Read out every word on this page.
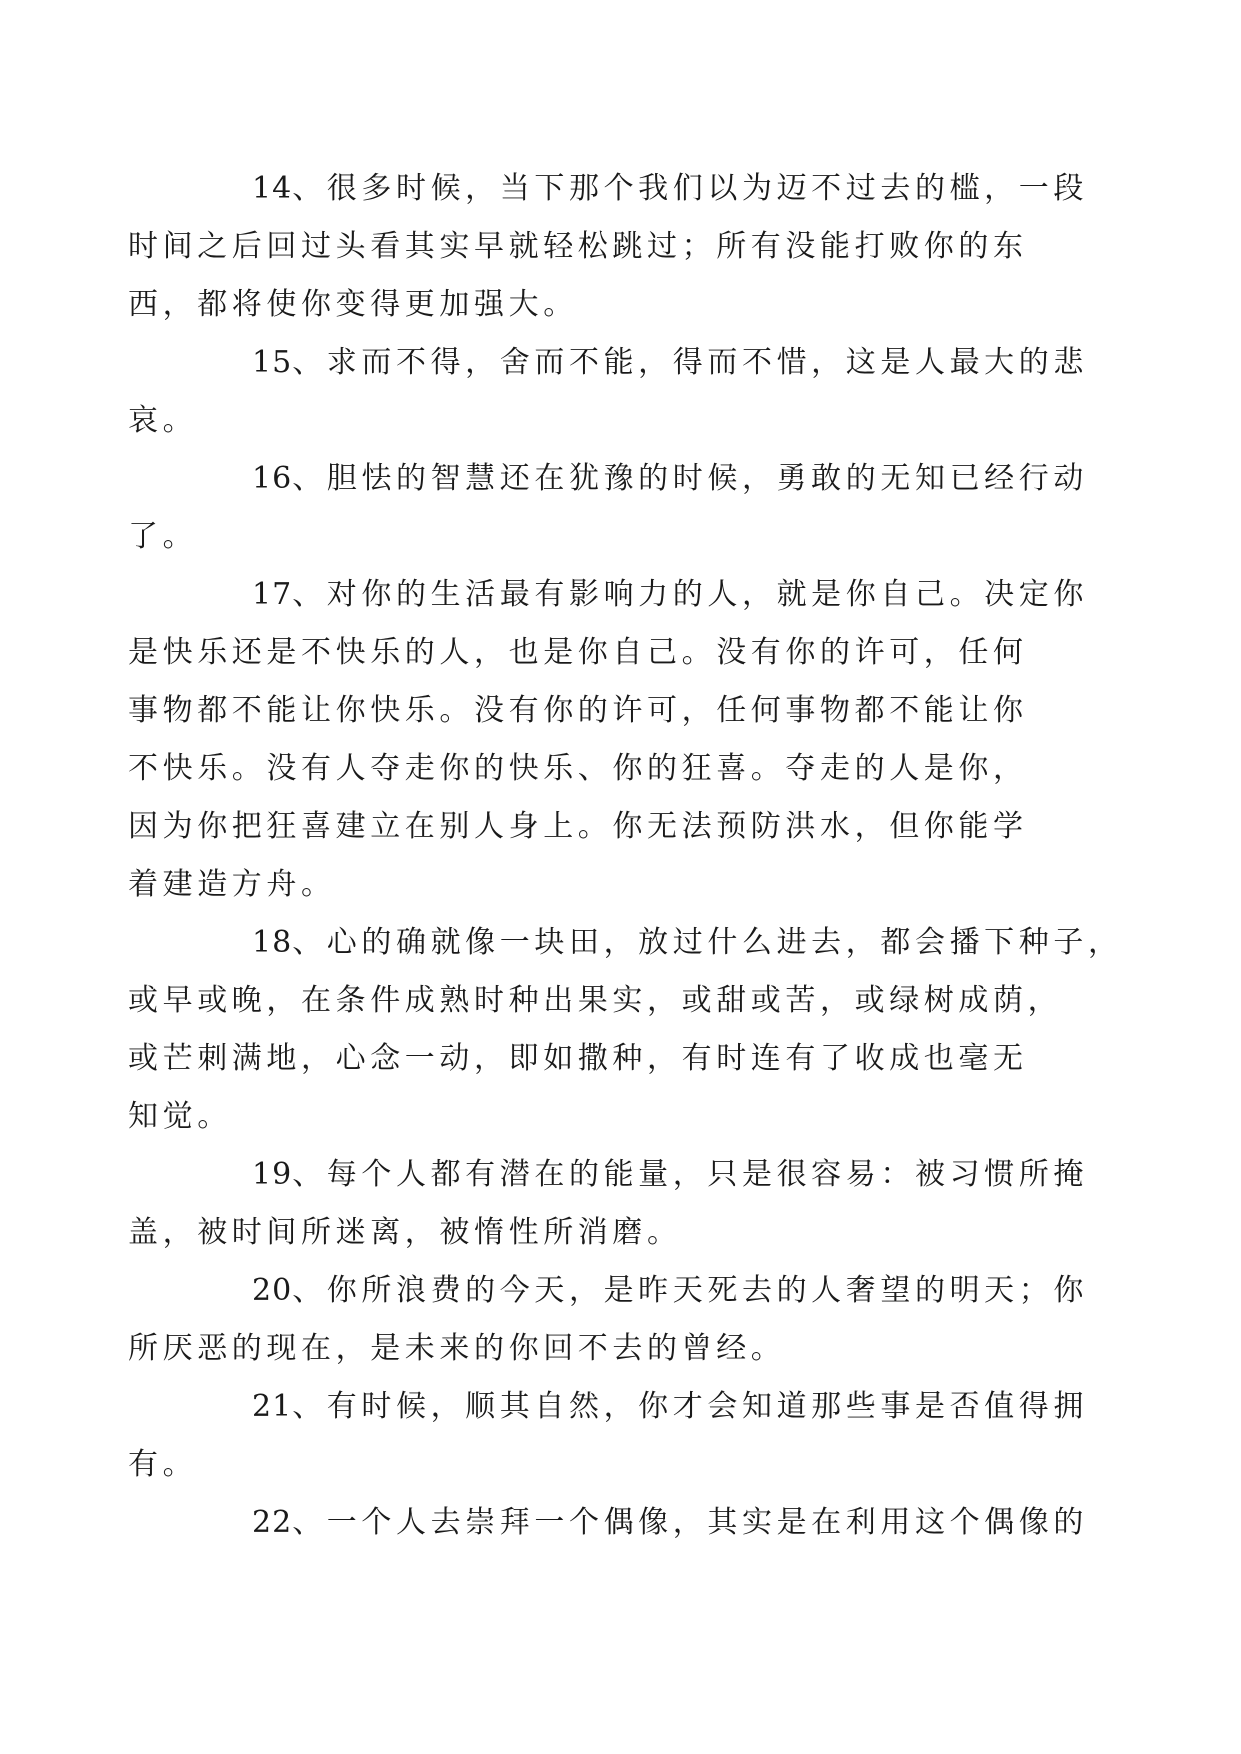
14、很多时候，当下那个我们以为迈不过去的槛，一段
时间之后回过头看其实早就轻松跳过；所有没能打败你的东
西，都将使你变得更加强大。

15、求而不得，舍而不能，得而不惜，这是人最大的悲
哀。

16、胆怯的智慧还在犹豫的时候，勇敢的无知已经行动
了。

17、对你的生活最有影响力的人，就是你自己。决定你
是快乐还是不快乐的人，也是你自己。没有你的许可，任何
事物都不能让你快乐。没有你的许可，任何事物都不能让你
不快乐。没有人夺走你的快乐、你的狂喜。夺走的人是你，
因为你把狂喜建立在别人身上。你无法预防洪水，但你能学
着建造方舟。

18、心的确就像一块田，放过什么进去，都会播下种子，
或早或晚，在条件成熟时种出果实，或甜或苦，或绿树成荫，
或芒刺满地，心念一动，即如撒种，有时连有了收成也毫无
知觉。

19、每个人都有潜在的能量，只是很容易：被习惯所掩
盖，被时间所迷离，被惰性所消磨。

20、你所浪费的今天，是昨天死去的人奢望的明天；你
所厌恶的现在，是未来的你回不去的曾经。

21、有时候，顺其自然，你才会知道那些事是否值得拥
有。

22、一个人去崇拜一个偶像，其实是在利用这个偶像的
